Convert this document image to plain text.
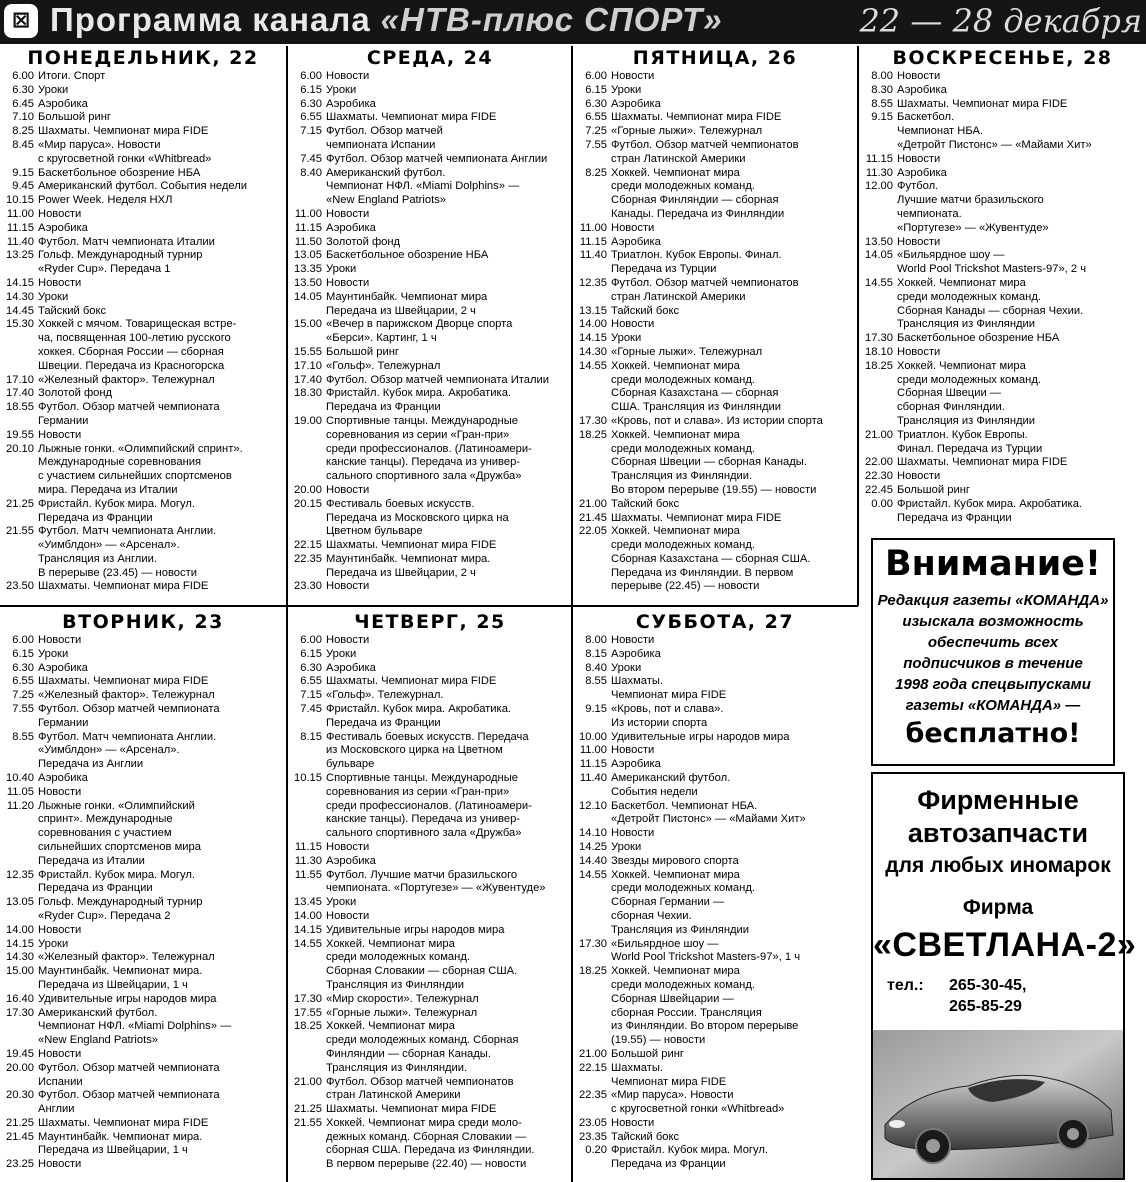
⊠ Программа канала «НТВ-плюс СПОРТ»	22 — 28 декабря
ПОНЕДЕЛЬНИК, 22
6.00 Итоги. Спорт
6.30 Уроки
6.45 Аэробика
7.10 Большой ринг
8.25 Шахматы. Чемпионат мира FIDE
8.45 «Мир паруса». Новости
с кругосветной гонки «Whitbread»
9.15 Баскетбольное обозрение НБА
9.45 Американский футбол. События недели
10.15 Power Week. Неделя НХЛ
11.00 Новости
11.15 Аэробика
11.40 Футбол. Матч чемпионата Италии
13.25 Гольф. Международный турнир
«Ryder Cup». Передача 1
14.15 Новости
14.30 Уроки
14.45 Тайский бокс
15.30 Хоккей с мячом. Товарищеская встре-
ча, посвященная 100-летию русского
хоккея. Сборная России — сборная
Швеции. Передача из Красногорска
17.10 «Железный фактор». Тележурнал
17.40 Золотой фонд
18.55 Футбол. Обзор матчей чемпионата
Германии
19.55 Новости
20.10 Лыжные гонки. «Олимпийский спринт».
Международные соревнования
с участием сильнейших спортсменов
мира. Передача из Италии
21.25 Фристайл. Кубок мира. Могул.
Передача из Франции
21.55 Футбол. Матч чемпионата Англии.
«Уимблдон» — «Арсенал».
Трансляция из Англии.
В перерыве (23.45) — новости
23.50 Шахматы. Чемпионат мира FIDE
СРЕДА, 24
6.00 Новости
6.15 Уроки
6.30 Аэробика
6.55 Шахматы. Чемпионат мира FIDE
7.15 Футбол. Обзор матчей
чемпионата Испании
7.45 Футбол. Обзор матчей чемпионата Англии
8.40 Американский футбол.
Чемпионат НФЛ. «Miami Dolphins» —
«New England Patriots»
11.00 Новости
11.15 Аэробика
11.50 Золотой фонд
13.05 Баскетбольное обозрение НБА
13.35 Уроки
13.50 Новости
14.05 Маунтинбайк. Чемпионат мира
Передача из Швейцарии, 2 ч
15.00 «Вечер в парижском Дворце спорта
«Берси». Картинг, 1 ч
15.55 Большой ринг
17.10 «Гольф». Тележурнал
17.40 Футбол. Обзор матчей чемпионата Италии
18.30 Фристайл. Кубок мира. Акробатика.
Передача из Франции
19.00 Спортивные танцы. Международные
соревнования из серии «Гран-при»
среди профессионалов. (Латиноамери-
канские танцы). Передача из универ-
сального спортивного зала «Дружба»
20.00 Новости
20.15 Фестиваль боевых искусств.
Передача из Московского цирка на
Цветном бульваре
22.15 Шахматы. Чемпионат мира FIDE
22.35 Маунтинбайк. Чемпионат мира.
Передача из Швейцарии, 2 ч
23.30 Новости
ПЯТНИЦА, 26
6.00 Новости
6.15 Уроки
6.30 Аэробика
6.55 Шахматы. Чемпионат мира FIDE
7.25 «Горные лыжи». Тележурнал
7.55 Футбол. Обзор матчей чемпионатов
стран Латинской Америки
8.25 Хоккей. Чемпионат мира
среди молодежных команд.
Сборная Финляндии — сборная
Канады. Передача из Финляндии
11.00 Новости
11.15 Аэробика
11.40 Триатлон. Кубок Европы. Финал.
Передача из Турции
12.35 Футбол. Обзор матчей чемпионатов
стран Латинской Америки
13.15 Тайский бокс
14.00 Новости
14.15 Уроки
14.30 «Горные лыжи». Тележурнал
14.55 Хоккей. Чемпионат мира
среди молодежных команд.
Сборная Казахстана — сборная
США. Трансляция из Финляндии
17.30 «Кровь, пот и слава». Из истории спорта
18.25 Хоккей. Чемпионат мира
среди молодежных команд.
Сборная Швеции — сборная Канады.
Трансляция из Финляндии.
Во втором перерыве (19.55) — новости
21.00 Тайский бокс
21.45 Шахматы. Чемпионат мира FIDE
22.05 Хоккей. Чемпионат мира
среди молодежных команд.
Сборная Казахстана — сборная США.
Передача из Финляндии. В первом
перерыве (22.45) — новости
ВОСКРЕСЕНЬЕ, 28
8.00 Новости
8.30 Аэробика
8.55 Шахматы. Чемпионат мира FIDE
9.15 Баскетбол.
Чемпионат НБА.
«Детройт Пистонс» — «Майами Хит»
11.15 Новости
11.30 Аэробика
12.00 Футбол.
Лучшие матчи бразильского
чемпионата.
«Португезе» — «Жувентуде»
13.50 Новости
14.05 «Бильярдное шоу —
World Pool Trickshot Masters-97», 2 ч
14.55 Хоккей. Чемпионат мира
среди молодежных команд.
Сборная Канады — сборная Чехии.
Трансляция из Финляндии
17.30 Баскетбольное обозрение НБА
18.10 Новости
18.25 Хоккей. Чемпионат мира
среди молодежных команд.
Сборная Швеции —
сборная Финляндии.
Трансляция из Финляндии
21.00 Триатлон. Кубок Европы.
Финал. Передача из Турции
22.00 Шахматы. Чемпионат мира FIDE
22.30 Новости
22.45 Большой ринг
0.00 Фристайл. Кубок мира. Акробатика.
Передача из Франции
ВТОРНИК, 23
6.00 Новости
6.15 Уроки
6.30 Аэробика
6.55 Шахматы. Чемпионат мира FIDE
7.25 «Железный фактор». Тележурнал
7.55 Футбол. Обзор матчей чемпионата
Германии
8.55 Футбол. Матч чемпионата Англии.
«Уимблдон» — «Арсенал».
Передача из Англии
10.40 Аэробика
11.05 Новости
11.20 Лыжные гонки. «Олимпийский
спринт». Международные
соревнования с участием
сильнейших спортсменов мира
Передача из Италии
12.35 Фристайл. Кубок мира. Могул.
Передача из Франции
13.05 Гольф. Международный турнир
«Ryder Cup». Передача 2
14.00 Новости
14.15 Уроки
14.30 «Железный фактор». Тележурнал
15.00 Маунтинбайк. Чемпионат мира.
Передача из Швейцарии, 1 ч
16.40 Удивительные игры народов мира
17.30 Американский футбол.
Чемпионат НФЛ. «Miami Dolphins» —
«New England Patriots»
19.45 Новости
20.00 Футбол. Обзор матчей чемпионата
Испании
20.30 Футбол. Обзор матчей чемпионата
Англии
21.25 Шахматы. Чемпионат мира FIDE
21.45 Маунтинбайк. Чемпионат мира.
Передача из Швейцарии, 1 ч
23.25 Новости
ЧЕТВЕРГ, 25
6.00 Новости
6.15 Уроки
6.30 Аэробика
6.55 Шахматы. Чемпионат мира FIDE
7.15 «Гольф». Тележурнал.
7.45 Фристайл. Кубок мира. Акробатика.
Передача из Франции
8.15 Фестиваль боевых искусств. Передача
из Московского цирка на Цветном
бульваре
10.15 Спортивные танцы. Международные
соревнования из серии «Гран-при»
среди профессионалов. (Латиноамери-
канские танцы). Передача из универ-
сального спортивного зала «Дружба»
11.15 Новости
11.30 Аэробика
11.55 Футбол. Лучшие матчи бразильского
чемпионата. «Португезе» — «Жувентуде»
13.45 Уроки
14.00 Новости
14.15 Удивительные игры народов мира
14.55 Хоккей. Чемпионат мира
среди молодежных команд.
Сборная Словакии — сборная США.
Трансляция из Финляндии
17.30 «Мир скорости». Тележурнал
17.55 «Горные лыжи». Тележурнал
18.25 Хоккей. Чемпионат мира
среди молодежных команд. Сборная
Финляндии — сборная Канады.
Трансляция из Финляндии.
21.00 Футбол. Обзор матчей чемпионатов
стран Латинской Америки
21.25 Шахматы. Чемпионат мира FIDE
21.55 Хоккей. Чемпионат мира среди моло-
дежных команд. Сборная Словакии —
сборная США. Передача из Финляндии.
В первом перерыве (22.40) — новости
СУББОТА, 27
8.00 Новости
8.15 Аэробика
8.40 Уроки
8.55 Шахматы.
Чемпионат мира FIDE
9.15 «Кровь, пот и слава».
Из истории спорта
10.00 Удивительные игры народов мира
11.00 Новости
11.15 Аэробика
11.40 Американский футбол.
События недели
12.10 Баскетбол. Чемпионат НБА.
«Детройт Пистонс» — «Майами Хит»
14.10 Новости
14.25 Уроки
14.40 Звезды мирового спорта
14.55 Хоккей. Чемпионат мира
среди молодежных команд.
Сборная Германии —
сборная Чехии.
Трансляция из Финляндии
17.30 «Бильярдное шоу —
World Pool Trickshot Masters-97», 1 ч
18.25 Хоккей. Чемпионат мира
среди молодежных команд.
Сборная Швейцарии —
сборная России. Трансляция
из Финляндии. Во втором перерыве
(19.55) — новости
21.00 Большой ринг
22.15 Шахматы.
Чемпионат мира FIDE
22.35 «Мир паруса». Новости
с кругосветной гонки «Whitbread»
23.05 Новости
23.35 Тайский бокс
0.20 Фристайл. Кубок мира. Могул.
Передача из Франции
Внимание!
Редакция газеты «КОМАНДА»
изыскала возможность
обеспечить всех
подписчиков в течение
1998 года спецвыпусками
газеты «КОМАНДА» —
бесплатно!
Фирменные
автозапчасти
для любых иномарок
Фирма
«СВЕТЛАНА-2»
тел.:	265-30-45,
265-85-29
